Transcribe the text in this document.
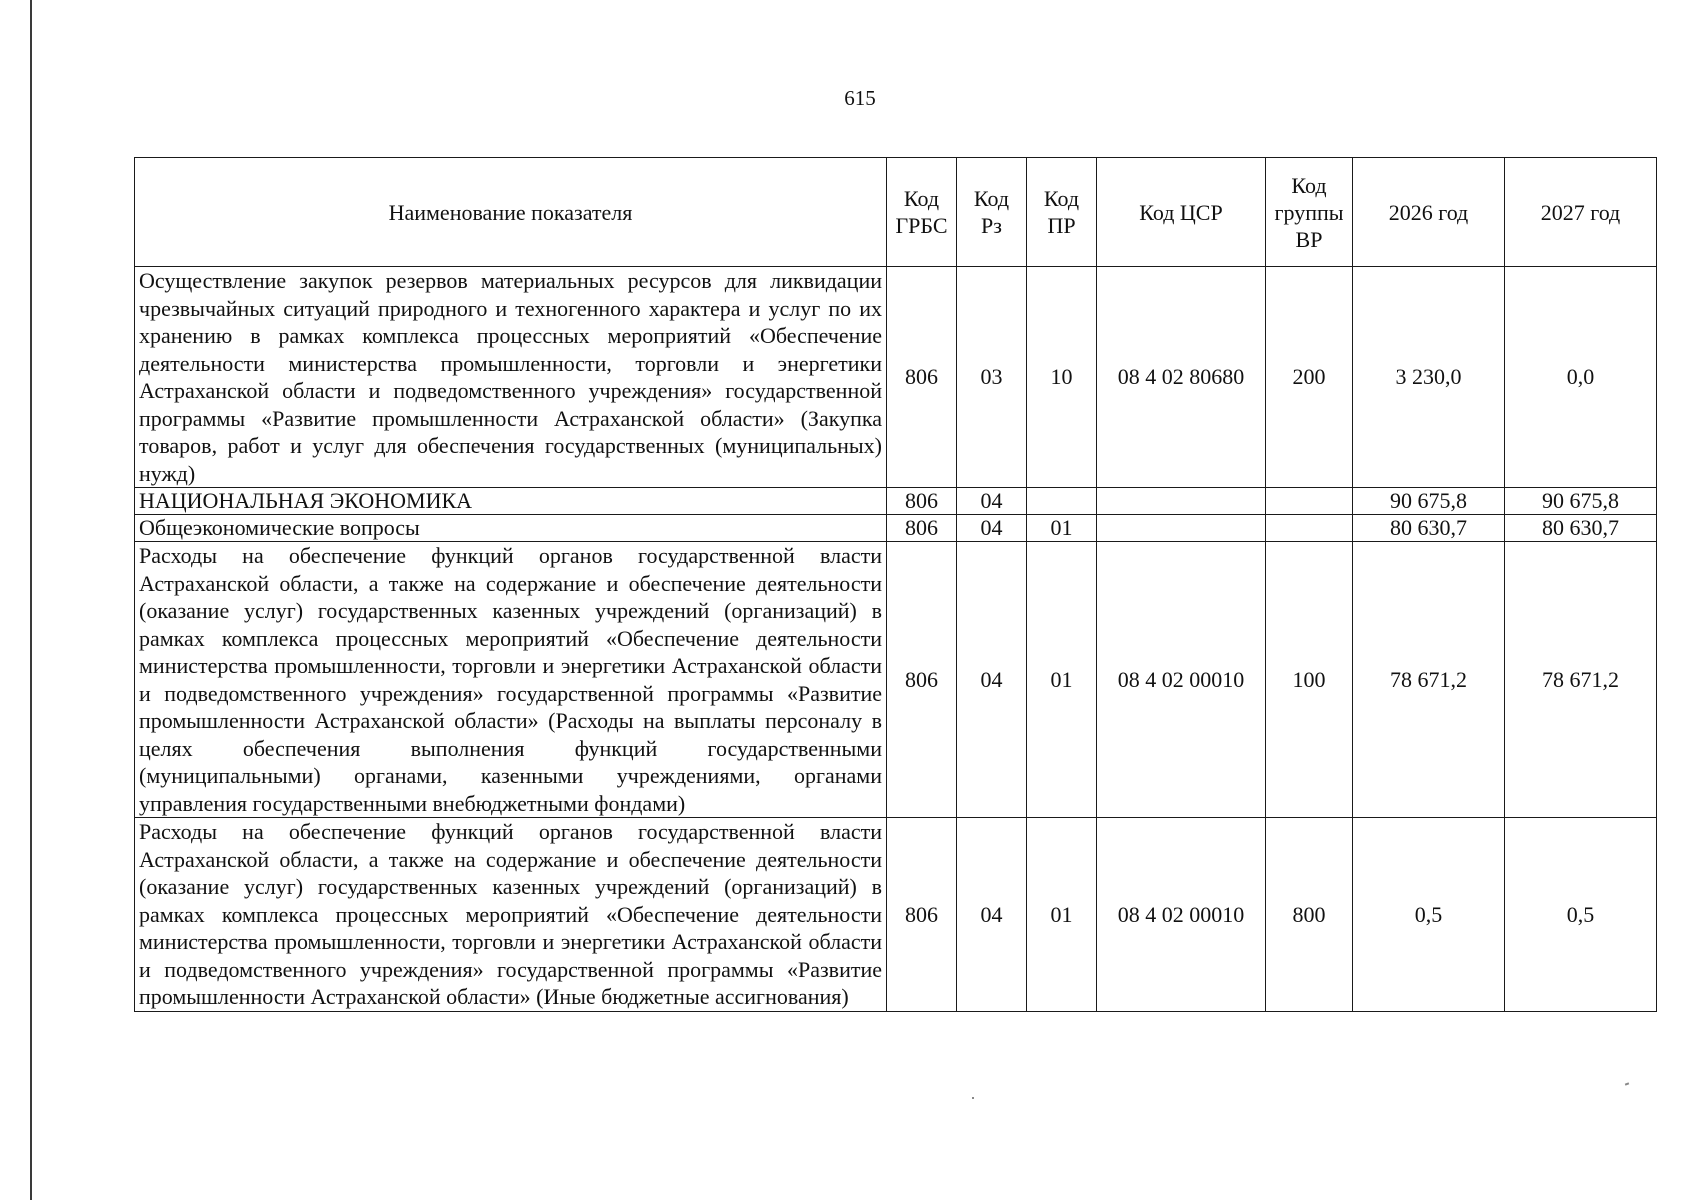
615
Наименование показателя	Код ГРБС	Код Рз	Код ПР	Код ЦСР	Код группы ВР	2026 год	2027 год
Осуществление закупок резервов материальных ресурсов для ликвидации чрезвычайных ситуаций природного и техногенного характера и услуг по их хранению в рамках комплекса процессных мероприятий «Обеспечение деятельности министерства промышленности, торговли и энергетики Астраханской области и подведомственного учреждения» государственной программы «Развитие промышленности Астраханской области» (Закупка товаров, работ и услуг для обеспечения государственных (муниципальных) нужд)	806	03	10	08 4 02 80680	200	3 230,0	0,0
НАЦИОНАЛЬНАЯ ЭКОНОМИКА	806	04				90 675,8	90 675,8
Общеэкономические вопросы	806	04	01			80 630,7	80 630,7
Расходы на обеспечение функций органов государственной власти Астраханской области, а также на содержание и обеспечение деятельности (оказание услуг) государственных казенных учреждений (организаций) в рамках комплекса процессных мероприятий «Обеспечение деятельности министерства промышленности, торговли и энергетики Астраханской области и подведомственного учреждения» государственной программы «Развитие промышленности Астраханской области» (Расходы на выплаты персоналу в целях обеспечения выполнения функций государственными (муниципальными) органами, казенными учреждениями, органами управления государственными внебюджетными фондами)	806	04	01	08 4 02 00010	100	78 671,2	78 671,2
Расходы на обеспечение функций органов государственной власти Астраханской области, а также на содержание и обеспечение деятельности (оказание услуг) государственных казенных учреждений (организаций) в рамках комплекса процессных мероприятий «Обеспечение деятельности министерства промышленности, торговли и энергетики Астраханской области и подведомственного учреждения» государственной программы «Развитие промышленности Астраханской области» (Иные бюджетные ассигнования)	806	04	01	08 4 02 00010	800	0,5	0,5
